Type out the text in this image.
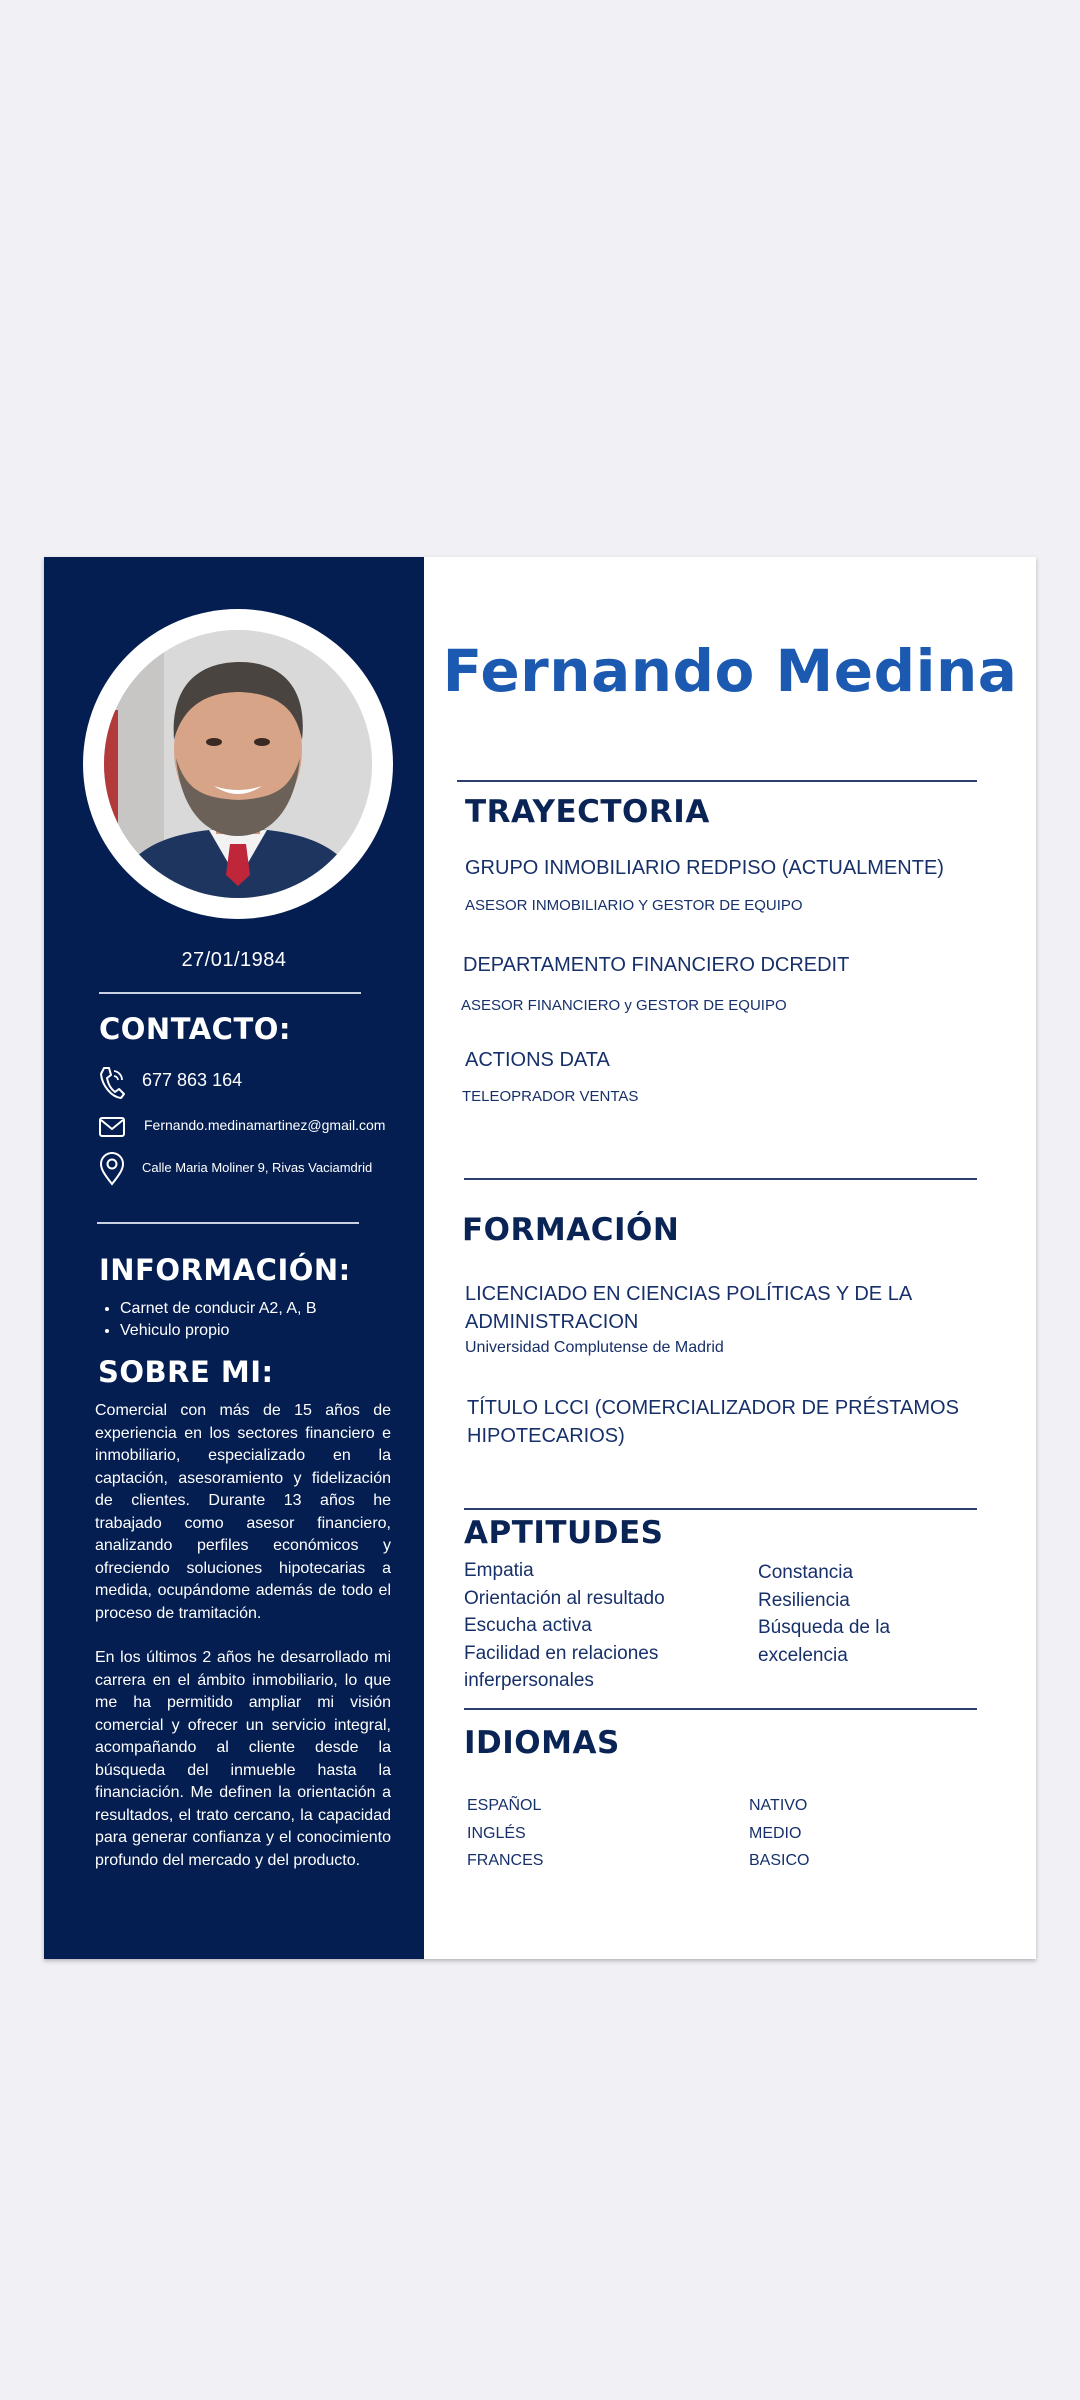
27/01/1984
CONTACTO:
677 863 164
Fernando.medinamartinez@gmail.com
Calle Maria Moliner 9, Rivas Vaciamdrid
INFORMACIÓN:
• Carnet de conducir A2, A, B
• Vehiculo propio
SOBRE MI:
Comercial con más de 15 años de experiencia en los sectores financiero e inmobiliario, especializado en la captación, asesoramiento y fidelización de clientes. Durante 13 años he trabajado como asesor financiero, analizando perfiles económicos y ofreciendo soluciones hipotecarias a medida, ocupándome además de todo el proceso de tramitación.
En los últimos 2 años he desarrollado mi carrera en el ámbito inmobiliario, lo que me ha permitido ampliar mi visión comercial y ofrecer un servicio integral, acompañando al cliente desde la búsqueda del inmueble hasta la financiación. Me definen la orientación a resultados, el trato cercano, la capacidad para generar confianza y el conocimiento profundo del mercado y del producto.
Fernando Medina
TRAYECTORIA
GRUPO INMOBILIARIO REDPISO (ACTUALMENTE)
ASESOR INMOBILIARIO Y GESTOR DE EQUIPO
DEPARTAMENTO FINANCIERO DCREDIT
ASESOR FINANCIERO y GESTOR DE EQUIPO
ACTIONS DATA
TELEOPRADOR VENTAS
FORMACIÓN
LICENCIADO EN CIENCIAS POLÍTICAS Y DE LA ADMINISTRACION
Universidad Complutense de Madrid
TÍTULO LCCI (COMERCIALIZADOR DE PRÉSTAMOS HIPOTECARIOS)
APTITUDES
Empatia
Orientación al resultado
Escucha activa
Facilidad en relaciones
inferpersonales
Constancia
Resiliencia
Búsqueda de la
excelencia
IDIOMAS
ESPAÑOL
INGLÉS
FRANCES
NATIVO
MEDIO
BASICO
